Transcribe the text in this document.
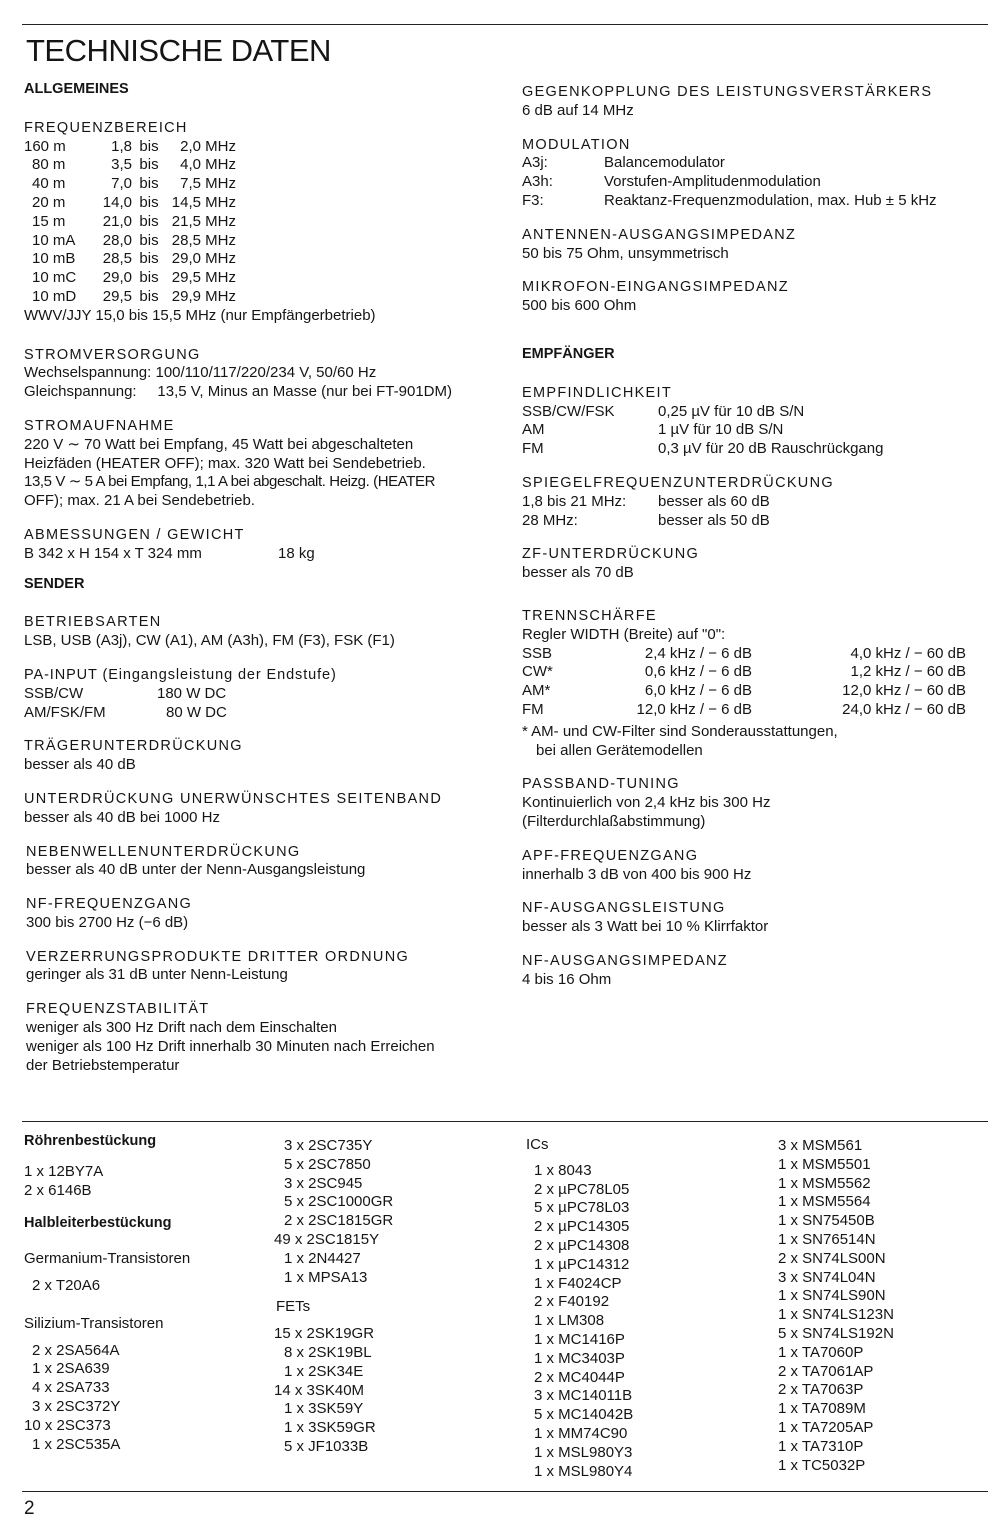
TECHNISCHE DATEN
ALLGEMEINES
FREQUENZBEREICH
160 m	1,8 bis	2,0 MHz
80 m	3,5 bis	4,0 MHz
40 m	7,0 bis	7,5 MHz
20 m	14,0 bis 14,5 MHz
15 m	21,0 bis 21,5 MHz
10 mA	28,0 bis 28,5 MHz
10 mB	28,5 bis 29,0 MHz
10 mC	29,0 bis 29,5 MHz
10 mD	29,5 bis 29,9 MHz
WWV/JJY 15,0 bis 15,5 MHz (nur Empfängerbetrieb)
STROMVERSORGUNG
Wechselspannung: 100/110/117/220/234 V, 50/60 Hz
Gleichspannung:     13,5 V, Minus an Masse (nur bei FT-901DM)
STROMAUFNAHME
220 V ∼ 70 Watt bei Empfang, 45 Watt bei abgeschalteten
Heizfäden (HEATER OFF); max. 320 Watt bei Sendebetrieb.
13,5 V ∼ 5 A bei Empfang, 1,1 A bei abgeschalt. Heizg. (HEATER
OFF); max. 21 A bei Sendebetrieb.
ABMESSUNGEN / GEWICHT
B 342 x H 154 x T 324 mm	18 kg
SENDER
BETRIEBSARTEN
LSB, USB (A3j), CW (A1), AM (A3h), FM (F3), FSK (F1)
PA-INPUT (Eingangsleistung der Endstufe)
SSB/CW	180 W DC
AM/FSK/FM	80 W DC
TRÄGERUNTERDRÜCKUNG
besser als 40 dB
UNTERDRÜCKUNG UNERWÜNSCHTES SEITENBAND
besser als 40 dB bei 1000 Hz
NEBENWELLENUNTERDRÜCKUNG
besser als 40 dB unter der Nenn-Ausgangsleistung
NF-FREQUENZGANG
300 bis 2700 Hz (−6 dB)
VERZERRUNGSPRODUKTE DRITTER ORDNUNG
geringer als 31 dB unter Nenn-Leistung
FREQUENZSTABILITÄT
weniger als 300 Hz Drift nach dem Einschalten
weniger als 100 Hz Drift innerhalb 30 Minuten nach Erreichen
der Betriebstemperatur
GEGENKOPPLUNG DES LEISTUNGSVERSTÄRKERS
6 dB auf 14 MHz
MODULATION
A3j:	Balancemodulator
A3h:	Vorstufen-Amplitudenmodulation
F3:	Reaktanz-Frequenzmodulation, max. Hub ± 5 kHz
ANTENNEN-AUSGANGSIMPEDANZ
50 bis 75 Ohm, unsymmetrisch
MIKROFON-EINGANGSIMPEDANZ
500 bis 600 Ohm
EMPFÄNGER
EMPFINDLICHKEIT
SSB/CW/FSK	0,25 µV für 10 dB S/N
AM	1 µV für 10 dB S/N
FM	0,3 µV für 20 dB Rauschrückgang
SPIEGELFREQUENZUNTERDRÜCKUNG
1,8 bis 21 MHz:	besser als 60 dB
28 MHz:	besser als 50 dB
ZF-UNTERDRÜCKUNG
besser als 70 dB
TRENNSCHÄRFE
Regler WIDTH (Breite) auf "0":
SSB	2,4 kHz / − 6 dB	4,0 kHz / − 60 dB
CW*	0,6 kHz / − 6 dB	1,2 kHz / − 60 dB
AM*	6,0 kHz / − 6 dB	12,0 kHz / − 60 dB
FM	12,0 kHz / − 6 dB	24,0 kHz / − 60 dB
* AM- und CW-Filter sind Sonderausstattungen,
bei allen Gerätemodellen
PASSBAND-TUNING
Kontinuierlich von 2,4 kHz bis 300 Hz
(Filterdurchlaßabstimmung)
APF-FREQUENZGANG
innerhalb 3 dB von 400 bis 900 Hz
NF-AUSGANGSLEISTUNG
besser als 3 Watt bei 10 % Klirrfaktor
NF-AUSGANGSIMPEDANZ
4 bis 16 Ohm
Röhrenbestückung
1 x 12BY7A
2 x 6146B
Halbleiterbestückung
Germanium-Transistoren
2 x T20A6
Silizium-Transistoren
2 x 2SA564A
1 x 2SA639
4 x 2SA733
3 x 2SC372Y
10 x 2SC373
1 x 2SC535A
3 x 2SC735Y
5 x 2SC7850
3 x 2SC945
5 x 2SC1000GR
2 x 2SC1815GR
49 x 2SC1815Y
1 x 2N4427
1 x MPSA13
FETs
15 x 2SK19GR
8 x 2SK19BL
1 x 2SK34E
14 x 3SK40M
1 x 3SK59Y
1 x 3SK59GR
5 x JF1033B
ICs
1 x 8043
2 x µPC78L05
5 x µPC78L03
2 x µPC14305
2 x µPC14308
1 x µPC14312
1 x F4024CP
2 x F40192
1 x LM308
1 x MC1416P
1 x MC3403P
2 x MC4044P
3 x MC14011B
5 x MC14042B
1 x MM74C90
1 x MSL980Y3
1 x MSL980Y4
3 x MSM561
1 x MSM5501
1 x MSM5562
1 x MSM5564
1 x SN75450B
1 x SN76514N
2 x SN74LS00N
3 x SN74L04N
1 x SN74LS90N
1 x SN74LS123N
5 x SN74LS192N
1 x TA7060P
2 x TA7061AP
2 x TA7063P
1 x TA7089M
1 x TA7205AP
1 x TA7310P
1 x TC5032P
2
